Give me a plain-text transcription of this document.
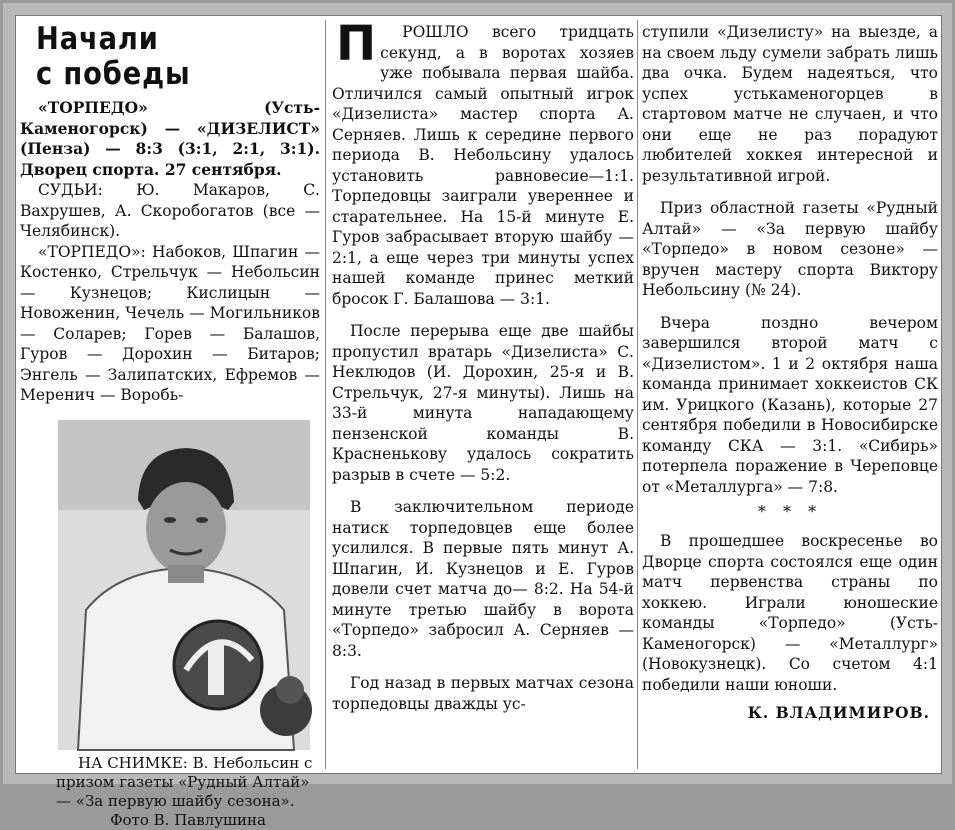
Начали
с победы

«ТОРПЕДО» (Усть-Каменогорск) — «ДИЗЕЛИСТ» (Пенза) — 8:3 (3:1, 2:1, 3:1). Дворец спорта. 27 сентября.

СУДЬИ: Ю. Макаров, С. Вахрушев, А. Скоробогатов (все — Челябинск).

«ТОРПЕДО»: Набоков, Шпагин — Костенко, Стрельчук — Небольсин — Кузнецов; Кислицын — Новоженин, Чечель — Могильников — Соларев; Горев — Балашов, Гуров — Дорохин — Битаров; Энгель — Залипатских, Ефремов — Меренич — Воробь-

НА СНИМКЕ: В. Небольсин с призом газеты «Рудный Алтай» — «За первую шайбу сезона».

Фото В. Павлушина

П РОШЛО всего тридцать секунд, а в воротах хозяев уже побывала первая шайба. Отличился самый опытный игрок «Дизелиста» мастер спорта А. Серняев. Лишь к середине первого периода В. Небольсину удалось установить равновесие—1:1. Торпедовцы заиграли увереннее и старательнее. На 15-й минуте Е. Гуров забрасывает вторую шайбу — 2:1, а еще через три минуты успех нашей команде принес меткий бросок Г. Балашова — 3:1.

После перерыва еще две шайбы пропустил вратарь «Дизелиста» С. Неклюдов (И. Дорохин, 25-я и В. Стрельчук, 27-я минуты). Лишь на 33-й минута нападающему пензенской команды В. Красненькову удалось сократить разрыв в счете — 5:2.

В заключительном периоде натиск торпедовцев еще более усилился. В первые пять минут А. Шпагин, И. Кузнецов и Е. Гуров довели счет матча до— 8:2. На 54-й минуте третью шайбу в ворота «Торпедо» забросил А. Серняев — 8:3.

Год назад в первых матчах сезона торпедовцы дважды ус-

ступили «Дизелисту» на выезде, а на своем льду сумели забрать лишь два очка. Будем надеяться, что успех устькаменогорцев в стартовом матче не случаен, и что они еще не раз порадуют любителей хоккея интересной и результативной игрой.

Приз областной газеты «Рудный Алтай» — «За первую шайбу «Торпедо» в новом сезоне» — вручен мастеру спорта Виктору Небольсину (№ 24).

Вчера поздно вечером завершился второй матч с «Дизелистом». 1 и 2 октября наша команда принимает хоккеистов СК им. Урицкого (Казань), которые 27 сентября победили в Новосибирске команду СКА — 3:1. «Сибирь» потерпела поражение в Череповце от «Металлурга» — 7:8.

* * *

В прошедшее воскресенье во Дворце спорта состоялся еще один матч первенства страны по хоккею. Играли юношеские команды «Торпедо» (Усть-Каменогорск) — «Металлург» (Новокузнецк). Со счетом 4:1 победили наши юноши.

К. ВЛАДИМИРОВ.
